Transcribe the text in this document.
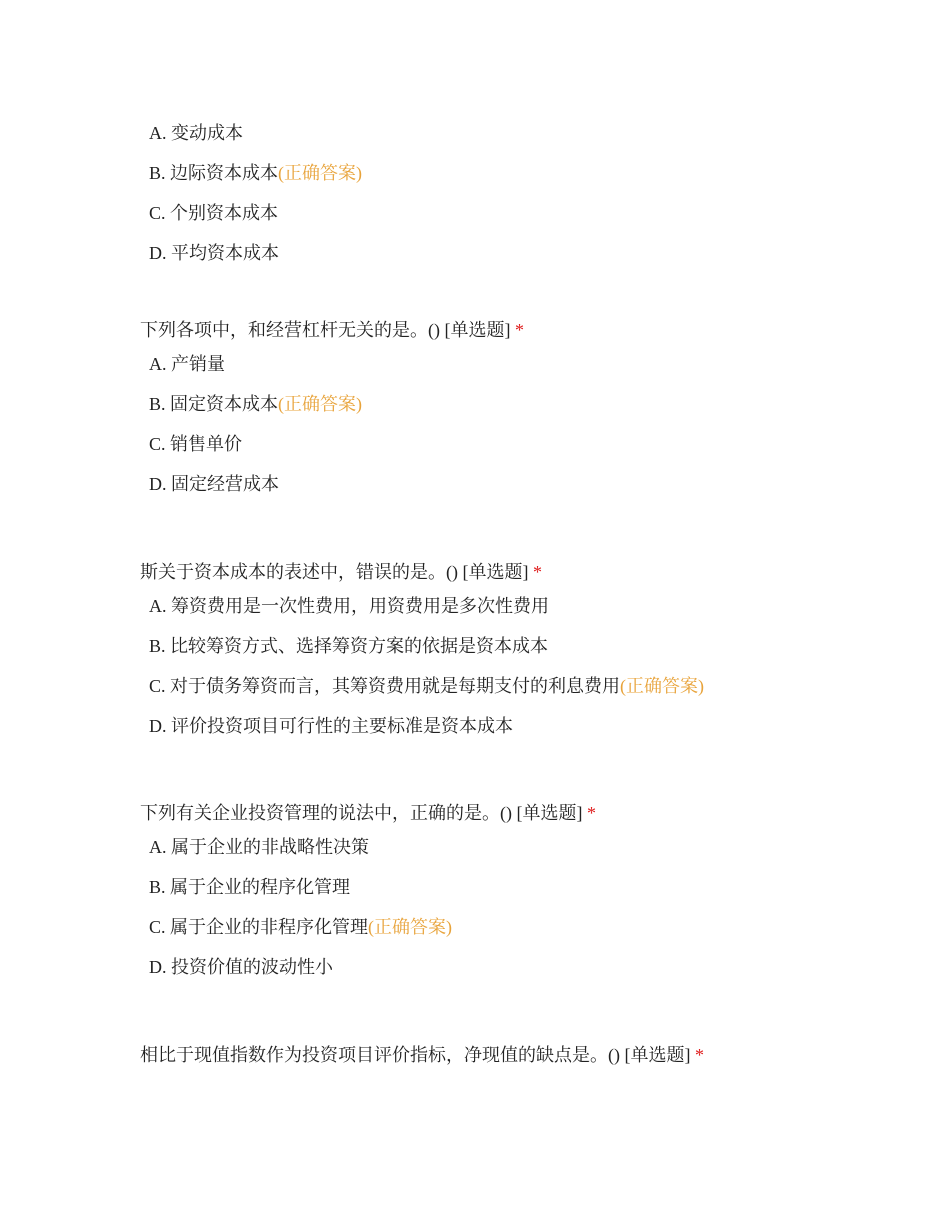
A. 变动成本
B. 边际资本成本(正确答案)
C. 个别资本成本
D. 平均资本成本
下列各项中，和经营杠杆无关的是。() [单选题] *
A. 产销量
B. 固定资本成本(正确答案)
C. 销售单价
D. 固定经营成本
斯关于资本成本的表述中，错误的是。() [单选题] *
A. 筹资费用是一次性费用，用资费用是多次性费用
B. 比较筹资方式、选择筹资方案的依据是资本成本
C. 对于债务筹资而言，其筹资费用就是每期支付的利息费用(正确答案)
D. 评价投资项目可行性的主要标准是资本成本
下列有关企业投资管理的说法中，正确的是。() [单选题] *
A. 属于企业的非战略性决策
B. 属于企业的程序化管理
C. 属于企业的非程序化管理(正确答案)
D. 投资价值的波动性小
相比于现值指数作为投资项目评价指标，净现值的缺点是。() [单选题] *
